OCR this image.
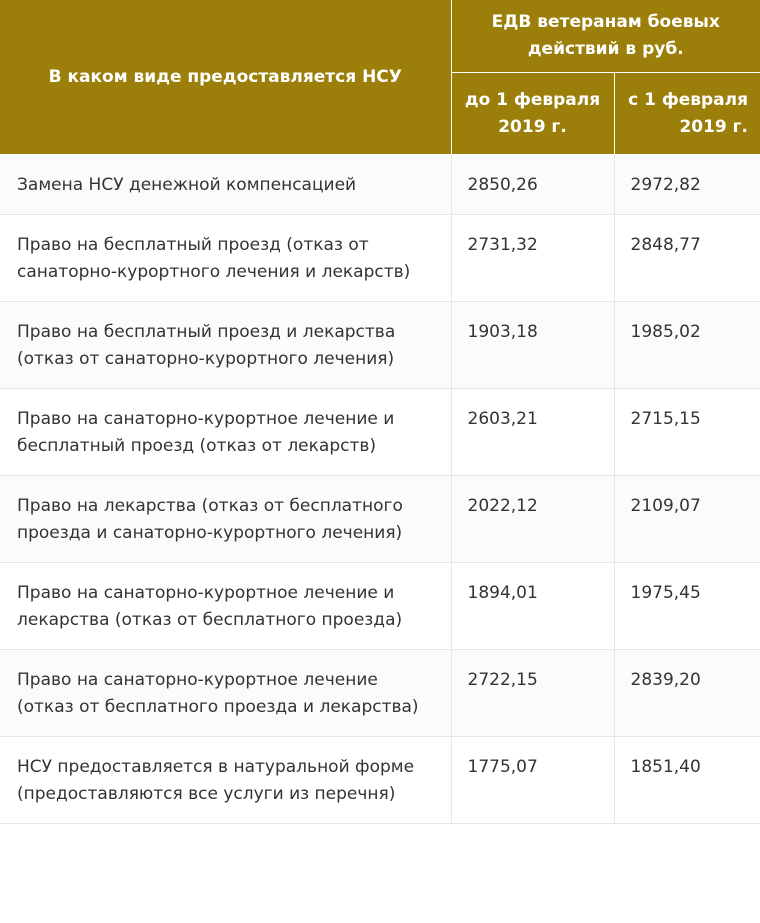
В каком виде предоставляется НСУ	ЕДВ ветеранам боевых действий в руб.	
	до 1 февраля 2019 г.	с 1 февраля 2019 г.
Замена НСУ денежной компенсацией	2850,26	2972,82
Право на бесплатный проезд (отказ от санаторно-курортного лечения и лекарств)	2731,32	2848,77
Право на бесплатный проезд и лекарства (отказ от санаторно-курортного лечения)	1903,18	1985,02
Право на санаторно-курортное лечение и бесплатный проезд (отказ от лекарств)	2603,21	2715,15
Право на лекарства (отказ от бесплатного проезда и санаторно-курортного лечения)	2022,12	2109,07
Право на санаторно-курортное лечение и лекарства (отказ от бесплатного проезда)	1894,01	1975,45
Право на санаторно-курортное лечение (отказ от бесплатного проезда и лекарства)	2722,15	2839,20
НСУ предоставляется в натуральной форме (предоставляются все услуги из перечня)	1775,07	1851,40
